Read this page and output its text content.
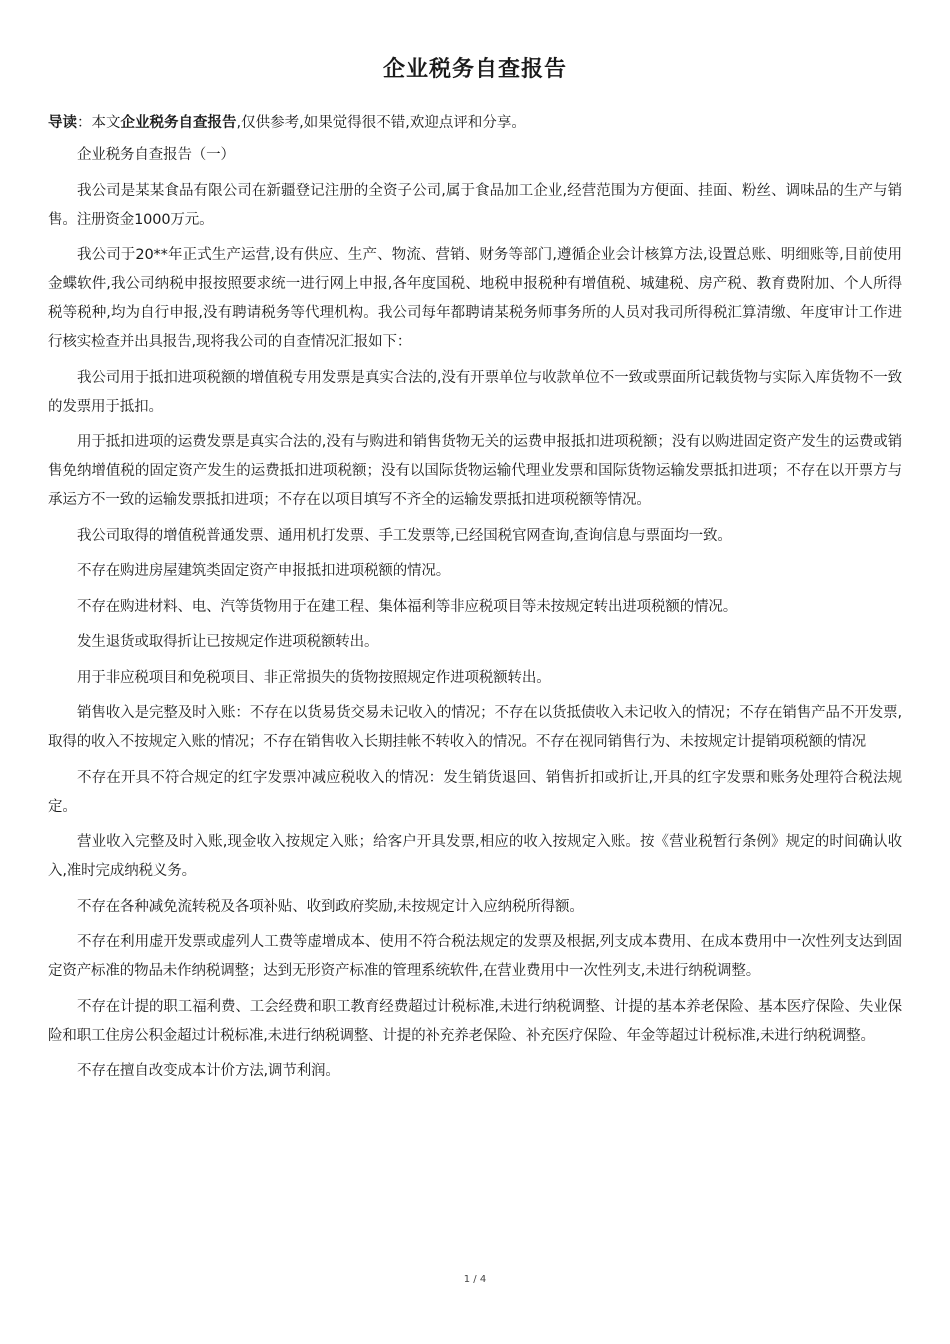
企业税务自查报告

导读：本文企业税务自查报告,仅供参考,如果觉得很不错,欢迎点评和分享。

企业税务自查报告（一）

我公司是某某食品有限公司在新疆登记注册的全资子公司,属于食品加工企业,经营范围为方便面、挂面、粉丝、调味品的生产与销售。注册资金1000万元。

我公司于20**年正式生产运营,设有供应、生产、物流、营销、财务等部门,遵循企业会计核算方法,设置总账、明细账等,目前使用金蝶软件,我公司纳税申报按照要求统一进行网上申报,各年度国税、地税申报税种有增值税、城建税、房产税、教育费附加、个人所得税等税种,均为自行申报,没有聘请税务等代理机构。我公司每年都聘请某税务师事务所的人员对我司所得税汇算清缴、年度审计工作进行核实检查并出具报告,现将我公司的自查情况汇报如下：

我公司用于抵扣进项税额的增值税专用发票是真实合法的,没有开票单位与收款单位不一致或票面所记载货物与实际入库货物不一致的发票用于抵扣。

用于抵扣进项的运费发票是真实合法的,没有与购进和销售货物无关的运费申报抵扣进项税额；没有以购进固定资产发生的运费或销售免纳增值税的固定资产发生的运费抵扣进项税额；没有以国际货物运输代理业发票和国际货物运输发票抵扣进项；不存在以开票方与承运方不一致的运输发票抵扣进项；不存在以项目填写不齐全的运输发票抵扣进项税额等情况。

我公司取得的增值税普通发票、通用机打发票、手工发票等,已经国税官网查询,查询信息与票面均一致。

不存在购进房屋建筑类固定资产申报抵扣进项税额的情况。

不存在购进材料、电、汽等货物用于在建工程、集体福利等非应税项目等未按规定转出进项税额的情况。

发生退货或取得折让已按规定作进项税额转出。

用于非应税项目和免税项目、非正常损失的货物按照规定作进项税额转出。

销售收入是完整及时入账：不存在以货易货交易未记收入的情况；不存在以货抵债收入未记收入的情况；不存在销售产品不开发票,取得的收入不按规定入账的情况；不存在销售收入长期挂帐不转收入的情况。不存在视同销售行为、未按规定计提销项税额的情况

不存在开具不符合规定的红字发票冲减应税收入的情况：发生销货退回、销售折扣或折让,开具的红字发票和账务处理符合税法规定。

营业收入完整及时入账,现金收入按规定入账；给客户开具发票,相应的收入按规定入账。按《营业税暂行条例》规定的时间确认收入,准时完成纳税义务。

不存在各种减免流转税及各项补贴、收到政府奖励,未按规定计入应纳税所得额。

不存在利用虚开发票或虚列人工费等虚增成本、使用不符合税法规定的发票及根据,列支成本费用、在成本费用中一次性列支达到固定资产标准的物品未作纳税调整；达到无形资产标准的管理系统软件,在营业费用中一次性列支,未进行纳税调整。

不存在计提的职工福利费、工会经费和职工教育经费超过计税标准,未进行纳税调整、计提的基本养老保险、基本医疗保险、失业保险和职工住房公积金超过计税标准,未进行纳税调整、计提的补充养老保险、补充医疗保险、年金等超过计税标准,未进行纳税调整。

不存在擅自改变成本计价方法,调节利润。

1 / 4
